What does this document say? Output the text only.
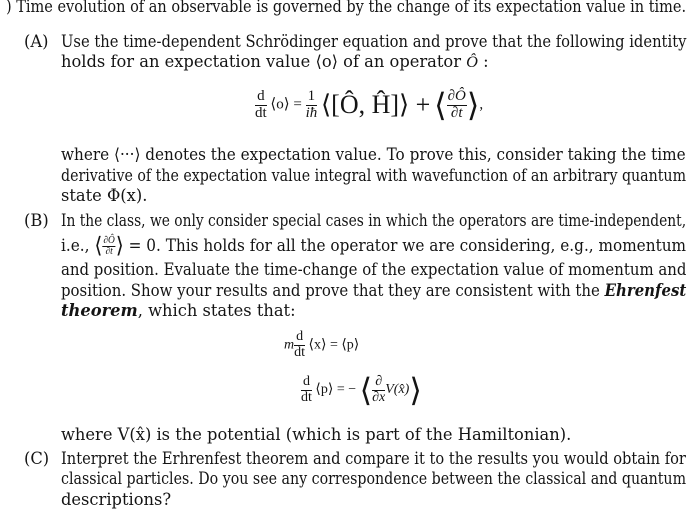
) Time evolution of an observable is governed by the change of its expectation value in time.
(A) Use the time-dependent Schrödinger equation and prove that the following identity
holds for an expectation value ⟨o⟩ of an operator Ô :
$\frac{d}{dt}$ ⟨o⟩ = $\frac{1}{iħ}$ ⟨[Ô, Ĥ]⟩ + ⟨ $\frac{\partial Ô}{\partial t}$ ⟩,
where ⟨···⟩ denotes the expectation value. To prove this, consider taking the time
derivative of the expectation value integral with wavefunction of an arbitrary quantum
state Φ(x).
(B) In the class, we only consider special cases in which the operators are time-independent,
i.e., ⟨ $\frac{\partial Ô}{\partial t}$ ⟩ = 0. This holds for all the operator we are considering, e.g., momentum
and position. Evaluate the time-change of the expectation value of momentum and
position. Show your results and prove that they are consistent with the Ehrenfest
theorem, which states that:
m $\frac{d}{dt}$ ⟨x⟩ = ⟨p⟩
$\frac{d}{dt}$ ⟨p⟩ = − ⟨ $\frac{\partial}{\partial x}$ V(x̂)⟩
where V(x̂) is the potential (which is part of the Hamiltonian).
(C) Interpret the Erhrenfest theorem and compare it to the results you would obtain for
classical particles. Do you see any correspondence between the classical and quantum
descriptions?
